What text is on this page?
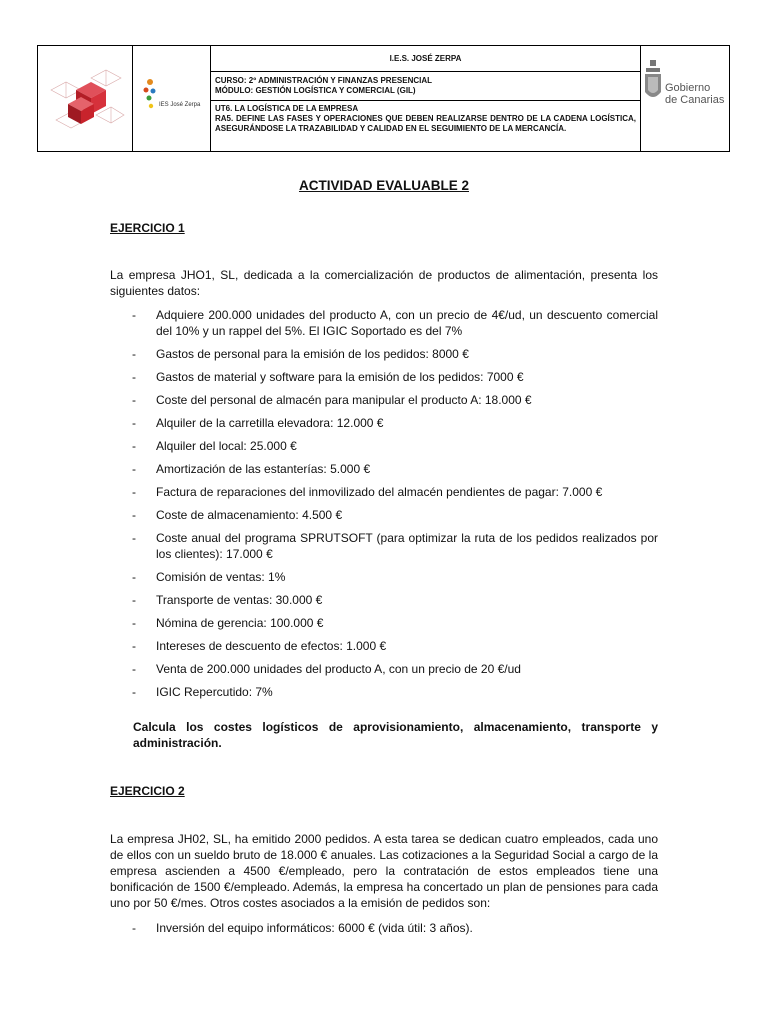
IES José Zerpa
I.E.S. JOSÉ ZERPA
CURSO: 2º ADMINISTRACIÓN Y FINANZAS PRESENCIAL
MÓDULO: GESTIÓN LOGÍSTICA Y COMERCIAL (GIL)
UT6. LA LOGÍSTICA DE LA EMPRESA
RA5. DEFINE LAS FASES Y OPERACIONES QUE DEBEN REALIZARSE DENTRO DE LA CADENA LOGÍSTICA, ASEGURÁNDOSE LA TRAZABILIDAD Y CALIDAD EN EL SEGUIMIENTO DE LA MERCANCÍA.
Gobierno
de Canarias
ACTIVIDAD EVALUABLE 2
EJERCICIO 1
La empresa JHO1, SL, dedicada a la comercialización de productos de alimentación, presenta los siguientes datos:
- Adquiere 200.000 unidades del producto A, con un precio de 4€/ud, un descuento comercial del 10% y un rappel del 5%. El IGIC Soportado es del 7%
- Gastos de personal para la emisión de los pedidos: 8000 €
- Gastos de material y software para la emisión de los pedidos: 7000 €
- Coste del personal de almacén para manipular el producto A: 18.000 €
- Alquiler de la carretilla elevadora: 12.000 €
- Alquiler del local: 25.000 €
- Amortización de las estanterías: 5.000 €
- Factura de reparaciones del inmovilizado del almacén pendientes de pagar: 7.000 €
- Coste de almacenamiento: 4.500 €
- Coste anual del programa SPRUTSOFT (para optimizar la ruta de los pedidos realizados por los clientes): 17.000 €
- Comisión de ventas: 1%
- Transporte de ventas: 30.000 €
- Nómina de gerencia: 100.000 €
- Intereses de descuento de efectos: 1.000 €
- Venta de 200.000 unidades del producto A, con un precio de 20 €/ud
- IGIC Repercutido: 7%
Calcula los costes logísticos de aprovisionamiento, almacenamiento, transporte y administración.
EJERCICIO 2
La empresa JH02, SL, ha emitido 2000 pedidos. A esta tarea se dedican cuatro empleados, cada uno de ellos con un sueldo bruto de 18.000 € anuales. Las cotizaciones a la Seguridad Social a cargo de la empresa ascienden a 4500 €/empleado, pero la contratación de estos empleados tiene una bonificación de 1500 €/empleado. Además, la empresa ha concertado un plan de pensiones para cada uno por 50 €/mes. Otros costes asociados a la emisión de pedidos son:
- Inversión del equipo informáticos: 6000 € (vida útil: 3 años).
